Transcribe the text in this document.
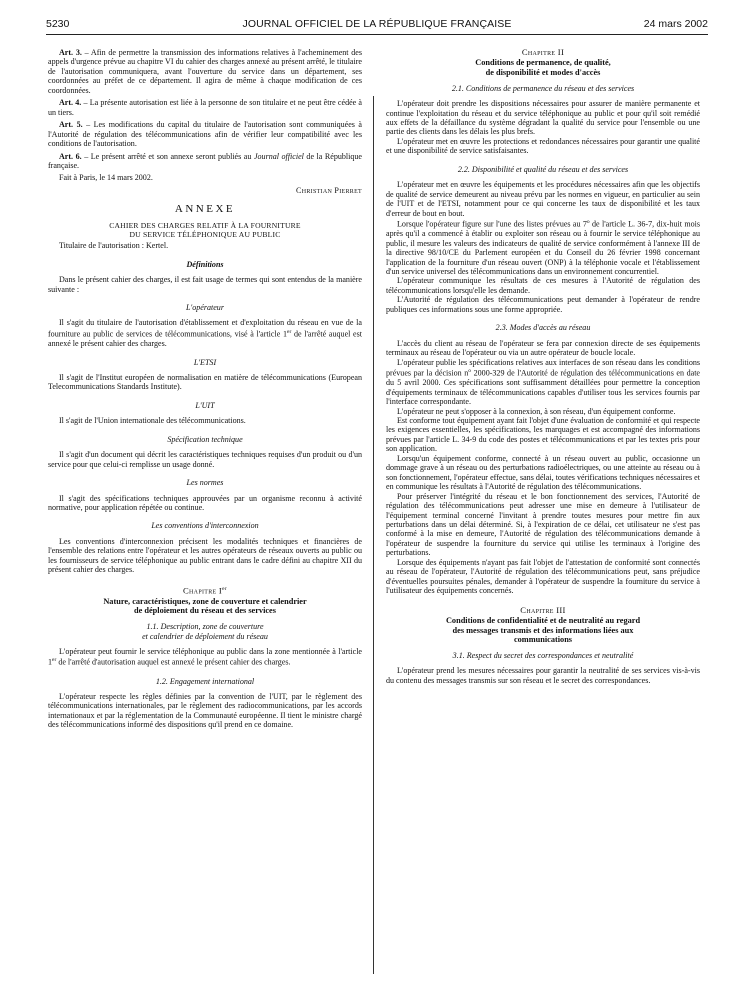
5230	JOURNAL OFFICIEL DE LA RÉPUBLIQUE FRANÇAISE	24 mars 2002

Art. 3. – Afin de permettre la transmission des informations relatives à l'acheminement des appels d'urgence prévue au chapitre VI du cahier des charges annexé au présent arrêté, le titulaire de l'autorisation communiquera, avant l'ouverture du service dans un département, ses coordonnées au préfet de ce département. Il agira de même à chaque modification de ces coordonnées.

Art. 4. – La présente autorisation est liée à la personne de son titulaire et ne peut être cédée à un tiers.

Art. 5. – Les modifications du capital du titulaire de l'autorisation sont communiquées à l'Autorité de régulation des télécommunications afin de vérifier leur compatibilité avec les conditions de l'autorisation.

Art. 6. – Le présent arrêté et son annexe seront publiés au Journal officiel de la République française.

Fait à Paris, le 14 mars 2002.

Christian Pierret

ANNEXE
CAHIER DES CHARGES RELATIF À LA FOURNITURE
DU SERVICE TÉLÉPHONIQUE AU PUBLIC

Titulaire de l'autorisation : Kertel.

Définitions

Dans le présent cahier des charges, il est fait usage de termes qui sont entendus de la manière suivante :

L'opérateur

Il s'agit du titulaire de l'autorisation d'établissement et d'exploitation du réseau en vue de la fourniture au public de services de télécommunications, visé à l'article 1er de l'arrêté auquel est annexé le présent cahier des charges.

L'ETSI

Il s'agit de l'Institut européen de normalisation en matière de télécommunications (European Telecommunications Standards Institute).

L'UIT

Il s'agit de l'Union internationale des télécommunications.

Spécification technique

Il s'agit d'un document qui décrit les caractéristiques techniques requises d'un produit ou d'un service pour que celui-ci remplisse un usage donné.

Les normes

Il s'agit des spécifications techniques approuvées par un organisme reconnu à activité normative, pour application répétée ou continue.

Les conventions d'interconnexion

Les conventions d'interconnexion précisent les modalités techniques et financières de l'ensemble des relations entre l'opérateur et les autres opérateurs de réseaux ouverts au public ou les fournisseurs de service téléphonique au public entrant dans le cadre défini au chapitre XII du présent cahier des charges.

Chapitre Ier
Nature, caractéristiques, zone de couverture et calendrier
de déploiement du réseau et des services
1.1. Description, zone de couverture
et calendrier de déploiement du réseau

L'opérateur peut fournir le service téléphonique au public dans la zone mentionnée à l'article 1er de l'arrêté d'autorisation auquel est annexé le présent cahier des charges.

1.2. Engagement international

L'opérateur respecte les règles définies par la convention de l'UIT, par le règlement des télécommunications internationales, par le règlement des radiocommunications, par les accords internationaux et par la réglementation de la Communauté européenne. Il tient le ministre chargé des télécommunications informé des dispositions qu'il prend en ce domaine.

Chapitre II
Conditions de permanence, de qualité,
de disponibilité et modes d'accès
2.1. Conditions de permanence du réseau et des services

L'opérateur doit prendre les dispositions nécessaires pour assurer de manière permanente et continue l'exploitation du réseau et du service téléphonique au public et pour qu'il soit remédié aux effets de la défaillance du système dégradant la qualité du service pour l'ensemble ou une partie des clients dans les délais les plus brefs.

L'opérateur met en œuvre les protections et redondances nécessaires pour garantir une qualité et une disponibilité de service satisfaisantes.

2.2. Disponibilité et qualité du réseau et des services

L'opérateur met en œuvre les équipements et les procédures nécessaires afin que les objectifs de qualité de service demeurent au niveau prévu par les normes en vigueur, en particulier au sein de l'UIT et de l'ETSI, notamment pour ce qui concerne les taux de disponibilité et les taux d'erreur de bout en bout.

Lorsque l'opérateur figure sur l'une des listes prévues au 7$^o$ de l'article L. 36-7, dix-huit mois après qu'il a commencé à établir ou exploiter son réseau ou à fournir le service téléphonique au public, il mesure les valeurs des indicateurs de qualité de service conformément à l'annexe III de la directive 98/10/CE du Parlement européen et du Conseil du 26 février 1998 concernant l'application de la fourniture d'un réseau ouvert (ONP) à la téléphonie vocale et l'établissement d'un service universel des télécommunications dans un environnement concurrentiel.

L'opérateur communique les résultats de ces mesures à l'Autorité de régulation des télécommunications lorsqu'elle les demande.

L'Autorité de régulation des télécommunications peut demander à l'opérateur de rendre publiques ces informations sous une forme appropriée.

2.3. Modes d'accès au réseau

L'accès du client au réseau de l'opérateur se fera par connexion directe de ses équipements terminaux au réseau de l'opérateur ou via un autre opérateur de boucle locale.

L'opérateur publie les spécifications relatives aux interfaces de son réseau dans les conditions prévues par la décision $n^o$ 2000-329 de l'Autorité de régulation des télécommunications en date du 5 avril 2000. Ces spécifications sont suffisamment détaillées pour permettre la conception d'équipements terminaux de télécommunications capables d'utiliser tous les services fournis par l'interface correspondante.

L'opérateur ne peut s'opposer à la connexion, à son réseau, d'un équipement conforme.

Est conforme tout équipement ayant fait l'objet d'une évaluation de conformité et qui respecte les exigences essentielles, les spécifications, les marquages et est accompagné des informations prévues par l'article L. 34-9 du code des postes et télécommunications et par les textes pris pour son application.

Lorsqu'un équipement conforme, connecté à un réseau ouvert au public, occasionne un dommage grave à un réseau ou des perturbations radioélectriques, ou une atteinte au réseau ou à son fonctionnement, l'opérateur effectue, sans délai, toutes vérifications techniques nécessaires et en communique les résultats à l'Autorité de régulation des télécommunications.

Pour préserver l'intégrité du réseau et le bon fonctionnement des services, l'Autorité de régulation des télécommunications peut adresser une mise en demeure à l'utilisateur de l'équipement terminal concerné l'invitant à prendre toutes mesures pour mettre fin aux perturbations dans un délai déterminé. Si, à l'expiration de ce délai, cet utilisateur ne s'est pas conformé à la mise en demeure, l'Autorité de régulation des télécommunications demande à l'opérateur de suspendre la fourniture du service qui utilise les terminaux à l'origine des perturbations.

Lorsque des équipements n'ayant pas fait l'objet de l'attestation de conformité sont connectés au réseau de l'opérateur, l'Autorité de régulation des télécommunications peut, sans préjudice d'éventuelles poursuites pénales, demander à l'opérateur de suspendre la fourniture du service à l'utilisateur des équipements concernés.

Chapitre III
Conditions de confidentialité et de neutralité au regard
des messages transmis et des informations liées aux
communications
3.1. Respect du secret des correspondances et neutralité

L'opérateur prend les mesures nécessaires pour garantir la neutralité de ses services vis-à-vis du contenu des messages transmis sur son réseau et le secret des correspondances.
